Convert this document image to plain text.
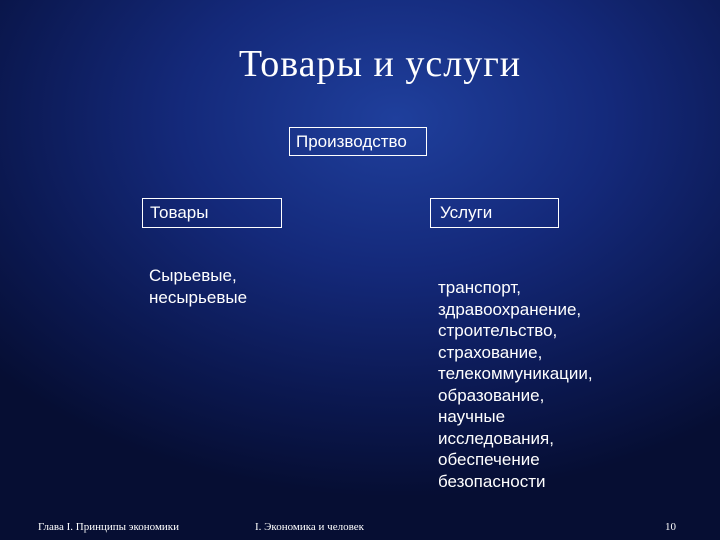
Товары и услуги
Производство
Товары	Услуги
Сырьевые,
несырьевые
транспорт,
здравоохранение,
строительство,
страхование,
телекоммуникации,
образование,
научные
исследования,
обеспечение
безопасности
Глава I. Принципы экономики	I. Экономика и человек	10
